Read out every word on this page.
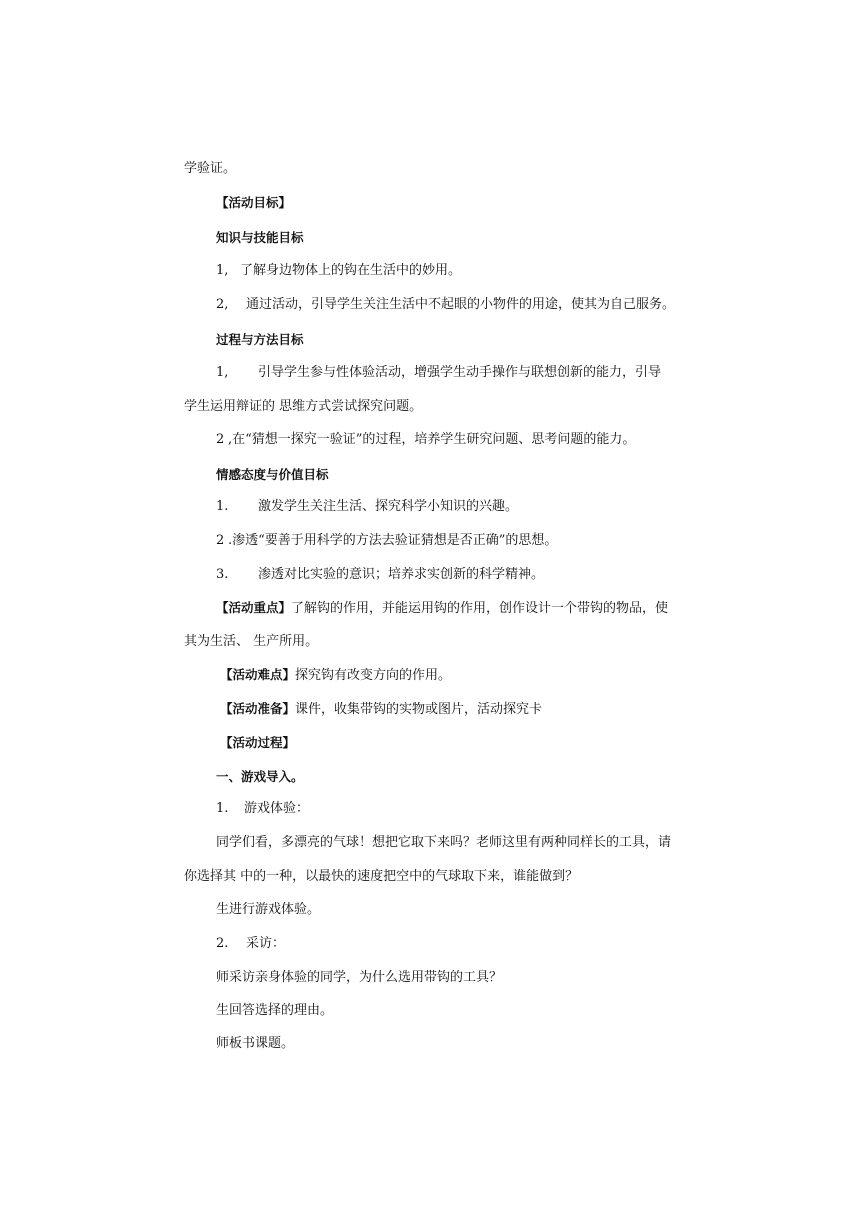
学验证。
【活动目标】
知识与技能目标
1, 了解身边物体上的钩在生活中的妙用。
2, 通过活动，引导学生关注生活中不起眼的小物件的用途，使其为自己服务。
过程与方法目标
1, 引导学生参与性体验活动，增强学生动手操作与联想创新的能力，引导
学生运用辩证的 思维方式尝试探究问题。
2 ,在“猜想一探究一验证”的过程，培养学生研究问题、思考问题的能力。
情感态度与价值目标
1. 激发学生关注生活、探究科学小知识的兴趣。
2 .渗透“要善于用科学的方法去验证猜想是否正确”的思想。
3. 渗透对比实验的意识；培养求实创新的科学精神。
【活动重点】了解钩的作用，并能运用钩的作用，创作设计一个带钩的物品，使
其为生活、 生产所用。
【活动难点】探究钩有改变方向的作用。
【活动准备】课件，收集带钩的实物或图片，活动探究卡
【活动过程】
一、游戏导入。
1. 游戏体验：
同学们看，多漂亮的气球！想把它取下来吗？老师这里有两种同样长的工具，请
你选择其 中的一种，以最快的速度把空中的气球取下来，谁能做到？
生进行游戏体验。
2. 采访：
师采访亲身体验的同学，为什么选用带钩的工具？
生回答选择的理由。
师板书课题。
